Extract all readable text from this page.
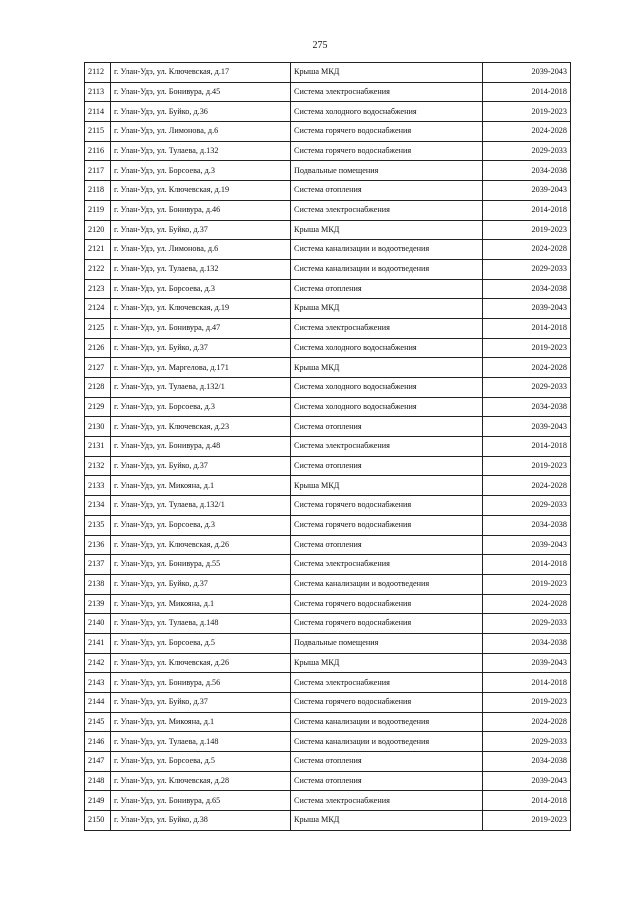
275
2112	г. Улан-Удэ, ул. Ключевская, д.17	Крыша МКД	2039-2043
2113	г. Улан-Удэ, ул. Бонивура, д.45	Система электроснабжения	2014-2018
2114	г. Улан-Удэ, ул. Буйко, д.36	Система холодного водоснабжения	2019-2023
2115	г. Улан-Удэ, ул. Лимонова, д.6	Система горячего водоснабжения	2024-2028
2116	г. Улан-Удэ, ул. Тулаева, д.132	Система горячего водоснабжения	2029-2033
2117	г. Улан-Удэ, ул. Борсоева, д.3	Подвальные помещения	2034-2038
2118	г. Улан-Удэ, ул. Ключевская, д.19	Система отопления	2039-2043
2119	г. Улан-Удэ, ул. Бонивура, д.46	Система электроснабжения	2014-2018
2120	г. Улан-Удэ, ул. Буйко, д.37	Крыша МКД	2019-2023
2121	г. Улан-Удэ, ул. Лимонова, д.6	Система канализации и водоотведения	2024-2028
2122	г. Улан-Удэ, ул. Тулаева, д.132	Система канализации и водоотведения	2029-2033
2123	г. Улан-Удэ, ул. Борсоева, д.3	Система отопления	2034-2038
2124	г. Улан-Удэ, ул. Ключевская, д.19	Крыша МКД	2039-2043
2125	г. Улан-Удэ, ул. Бонивура, д.47	Система электроснабжения	2014-2018
2126	г. Улан-Удэ, ул. Буйко, д.37	Система холодного водоснабжения	2019-2023
2127	г. Улан-Удэ, ул. Маргелова, д.171	Крыша МКД	2024-2028
2128	г. Улан-Удэ, ул. Тулаева, д.132/1	Система холодного водоснабжения	2029-2033
2129	г. Улан-Удэ, ул. Борсоева, д.3	Система холодного водоснабжения	2034-2038
2130	г. Улан-Удэ, ул. Ключевская, д.23	Система отопления	2039-2043
2131	г. Улан-Удэ, ул. Бонивура, д.48	Система электроснабжения	2014-2018
2132	г. Улан-Удэ, ул. Буйко, д.37	Система отопления	2019-2023
2133	г. Улан-Удэ, ул. Микояна, д.1	Крыша МКД	2024-2028
2134	г. Улан-Удэ, ул. Тулаева, д.132/1	Система горячего водоснабжения	2029-2033
2135	г. Улан-Удэ, ул. Борсоева, д.3	Система горячего водоснабжения	2034-2038
2136	г. Улан-Удэ, ул. Ключевская, д.26	Система отопления	2039-2043
2137	г. Улан-Удэ, ул. Бонивура, д.55	Система электроснабжения	2014-2018
2138	г. Улан-Удэ, ул. Буйко, д.37	Система канализации и водоотведения	2019-2023
2139	г. Улан-Удэ, ул. Микояна, д.1	Система горячего водоснабжения	2024-2028
2140	г. Улан-Удэ, ул. Тулаева, д.148	Система горячего водоснабжения	2029-2033
2141	г. Улан-Удэ, ул. Борсоева, д.5	Подвальные помещения	2034-2038
2142	г. Улан-Удэ, ул. Ключевская, д.26	Крыша МКД	2039-2043
2143	г. Улан-Удэ, ул. Бонивура, д.56	Система электроснабжения	2014-2018
2144	г. Улан-Удэ, ул. Буйко, д.37	Система горячего водоснабжения	2019-2023
2145	г. Улан-Удэ, ул. Микояна, д.1	Система канализации и водоотведения	2024-2028
2146	г. Улан-Удэ, ул. Тулаева, д.148	Система канализации и водоотведения	2029-2033
2147	г. Улан-Удэ, ул. Борсоева, д.5	Система отопления	2034-2038
2148	г. Улан-Удэ, ул. Ключевская, д.28	Система отопления	2039-2043
2149	г. Улан-Удэ, ул. Бонивура, д.65	Система электроснабжения	2014-2018
2150	г. Улан-Удэ, ул. Буйко, д.38	Крыша МКД	2019-2023
